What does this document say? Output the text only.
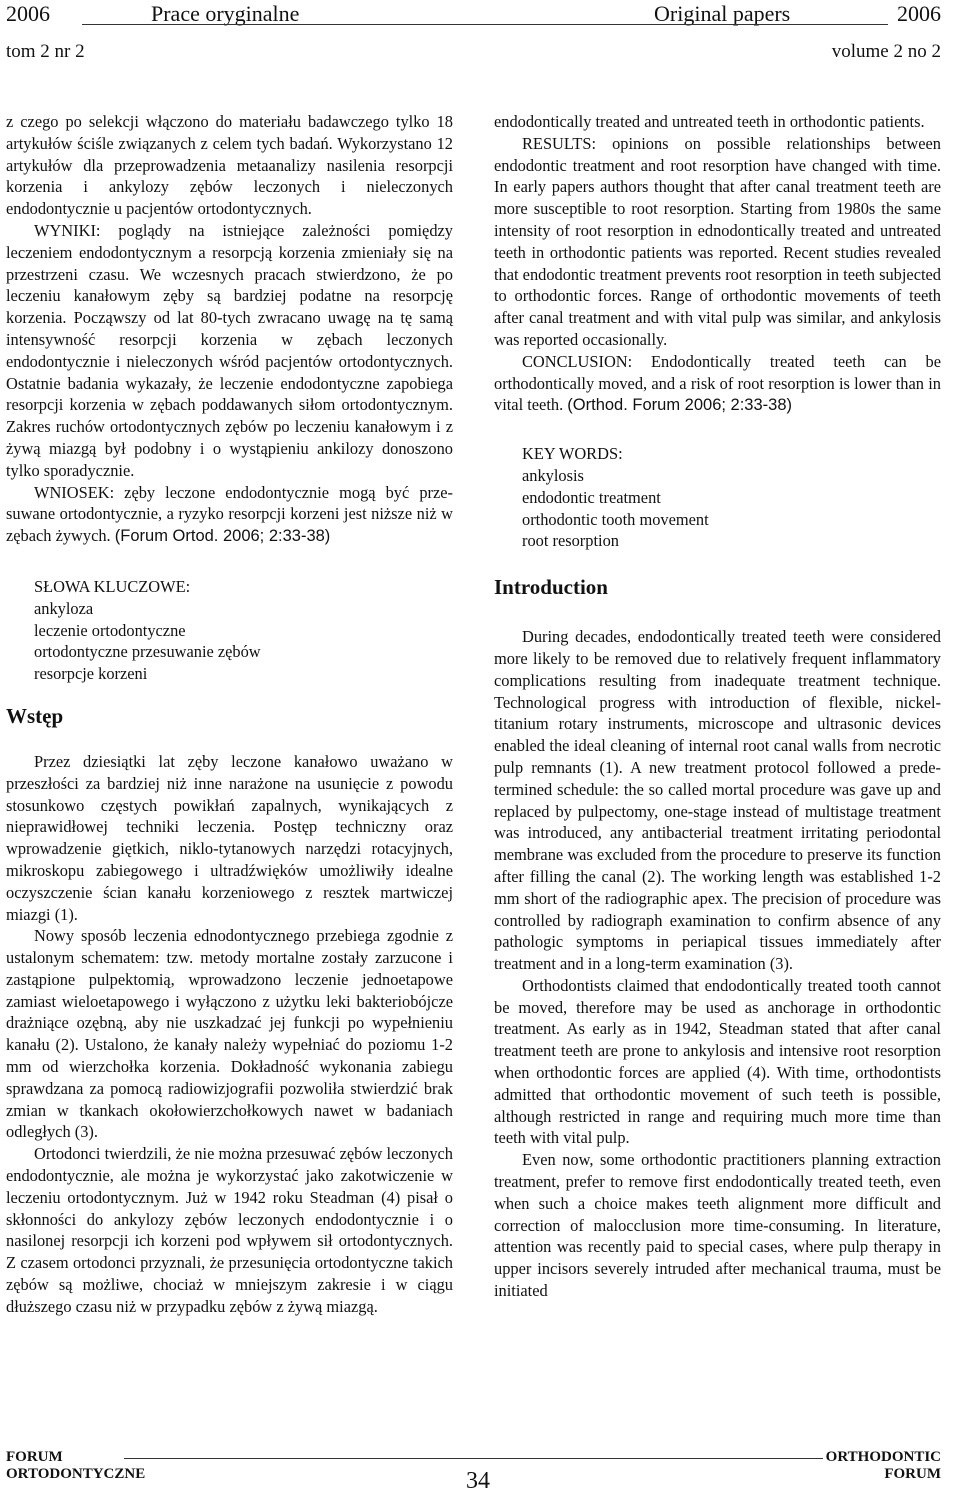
2006	Prace oryginalne	Original papers	2006
tom 2 nr 2	volume 2 no 2

z czego po selekcji włączono do materiału badawczego tylko 18 artykułów ściśle związanych z celem tych badań. Wykorzystano 12 artykułów dla przeprowadzenia metaanalizy nasilenia resorpcji korzenia i ankylozy zębów leczonych i nieleczonych endodontycznie u pacjentów ortodontycznych.

WYNIKI: poglądy na istniejące zależności pomiędzy leczeniem endodontycznym a resorpcją korzenia zmieniały się na przestrzeni czasu. We wczesnych pracach stwierdzono, że po leczeniu kanałowym zęby są bardziej podatne na resorpcję korzenia. Począwszy od lat 80-tych zwracano uwagę na tę samą intensywność resorpcji korzenia w zębach leczonych endodontycznie i nieleczonych wśród pacjentów ortodontycznych. Ostatnie badania wykazały, że leczenie endodontyczne zapobiega resorpcji korzenia w zębach poddawanych siłom ortodontycznym. Zakres ruchów ortodontycznych zębów po leczeniu kanałowym i z żywą miazgą był podobny i o wystąpieniu ankilozy donoszono tylko sporadycznie.

WNIOSEK: zęby leczone endodontycznie mogą być przesuwane ortodontycznie, a ryzyko resorpcji korzeni jest niższe niż w zębach żywych. (Forum Ortod. 2006; 2:33-38)

SŁOWA KLUCZOWE:
ankyloza
leczenie ortodontyczne
ortodontyczne przesuwanie zębów
resorpcje korzeni
Wstęp

Przez dziesiątki lat zęby leczone kanałowo uważano w przeszłości za bardziej niż inne narażone na usunięcie z powodu stosunkowo częstych powikłań zapalnych, wynikających z nieprawidłowej techniki leczenia. Postęp techniczny oraz wprowadzenie giętkich, niklo-tytanowych narzędzi rotacyjnych, mikroskopu zabiegowego i ultradźwięków umożliwiły idealne oczyszczenie ścian kanału korzeniowego z resztek martwiczej miazgi (1).

Nowy sposób leczenia ednodontycznego przebiega zgodnie z ustalonym schematem: tzw. metody mortalne zostały zarzucone i zastąpione pulpektomią, wprowadzono leczenie jednoetapowe zamiast wieloetapowego i wyłączono z użytku leki bakteriobójcze drażniące ozębną, aby nie uszkadzać jej funkcji po wypełnieniu kanału (2). Ustalono, że kanały należy wypełniać do poziomu 1-2 mm od wierzchołka korzenia. Dokładność wykonania zabiegu sprawdzana za pomocą radiowizjografii pozwoliła stwierdzić brak zmian w tkankach okołowierzchołkowych nawet w badaniach odległych (3).

Ortodonci twierdzili, że nie można przesuwać zębów leczonych endodontycznie, ale można je wykorzystać jako zakotwiczenie w leczeniu ortodontycznym. Już w 1942 roku Steadman (4) pisał o skłonności do ankylozy zębów leczonych endodontycznie i o nasilonej resorpcji ich korzeni pod wpływem sił ortodontycznych. Z czasem ortodonci przyznali, że przesunięcia ortodontyczne takich zębów są możliwe, chociaż w mniejszym zakresie i w ciągu dłuższego czasu niż w przypadku zębów z żywą miazgą.

endodontically treated and untreated teeth in orthodontic patients.

RESULTS: opinions on possible relationships between endodontic treatment and root resorption have changed with time. In early papers authors thought that after canal treatment teeth are more susceptible to root resorption. Starting from 1980s the same intensity of root resorption in ednodontically treated and untreated teeth in orthodontic patients was reported. Recent studies revealed that endodontic treatment prevents root resorption in teeth subjected to orthodontic forces. Range of orthodontic movements of teeth after canal treatment and with vital pulp was similar, and ankylosis was reported occasionally.

CONCLUSION: Endodontically treated teeth can be orthodontically moved, and a risk of root resorption is lower than in vital teeth. (Orthod. Forum 2006; 2:33-38)

KEY WORDS:
ankylosis
endodontic treatment
orthodontic tooth movement
root resorption
Introduction

During decades, endodontically treated teeth were considered more likely to be removed due to relatively frequent inflammatory complications resulting from inadequate treatment technique. Technological progress with introduction of flexible, nickel-titanium rotary instruments, microscope and ultrasonic devices enabled the ideal cleaning of internal root canal walls from necrotic pulp remnants (1). A new treatment protocol followed a predetermined schedule: the so called mortal procedure was gave up and replaced by pulpectomy, one-stage instead of multistage treatment was introduced, any antibacterial treatment irritating periodontal membrane was excluded from the procedure to preserve its function after filling the canal (2). The working length was established 1-2 mm short of the radiographic apex. The precision of procedure was controlled by radiograph examination to confirm absence of any pathologic symptoms in periapical tissues immediately after treatment and in a long-term examination (3).

Orthodontists claimed that endodontically treated tooth cannot be moved, therefore may be used as anchorage in orthodontic treatment. As early as in 1942, Steadman stated that after canal treatment teeth are prone to ankylosis and intensive root resorption when orthodontic forces are applied (4). With time, orthodontists admitted that orthodontic movement of such teeth is possible, although restricted in range and requiring much more time than teeth with vital pulp.

Even now, some orthodontic practitioners planning extraction treatment, prefer to remove first endodontically treated teeth, even when such a choice makes teeth alignment more difficult and correction of malocclusion more time-consuming. In literature, attention was recently paid to special cases, where pulp therapy in upper incisors severely intruded after mechanical trauma, must be initiated

FORUM
ORTODONTYCZNE	34
ORTHODONTIC
FORUM
